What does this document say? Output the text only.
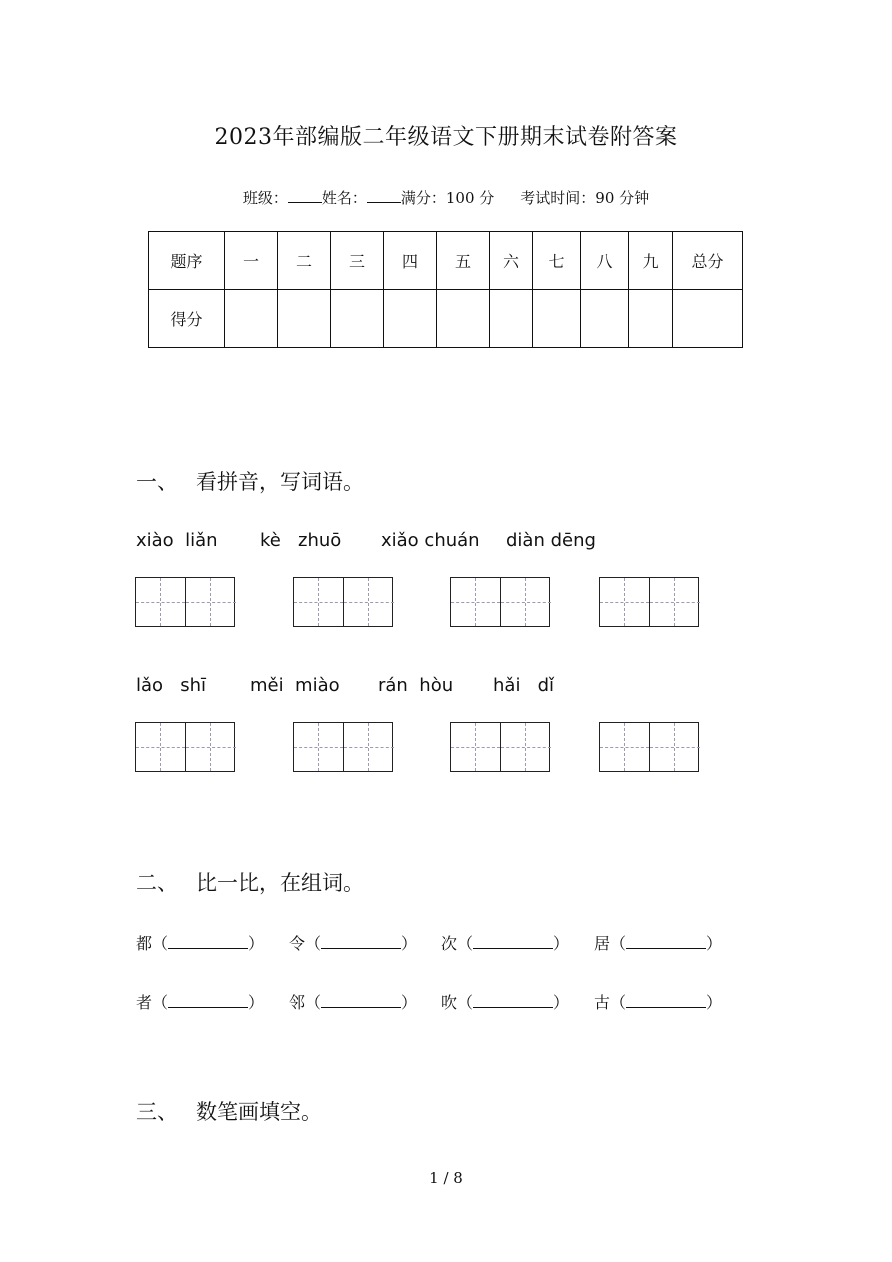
2023年部编版二年级语文下册期末试卷附答案
班级： 姓名： 满分：100 分 考试时间：90 分钟
题序	一	二	三	四	五	六	七	八	九	总分
得分										
一、 看拼音，写词语。
xiào  liǎn kè   zhuō xiǎo chuán diàn dēng
lǎo   shī měi  miào rán  hòu hǎi   dǐ
二、 比一比，在组词。
都（	） 令（	） 次（	） 居（	）
者（	） 邻（	） 吹（	） 古（	）
三、 数笔画填空。
1 / 8
